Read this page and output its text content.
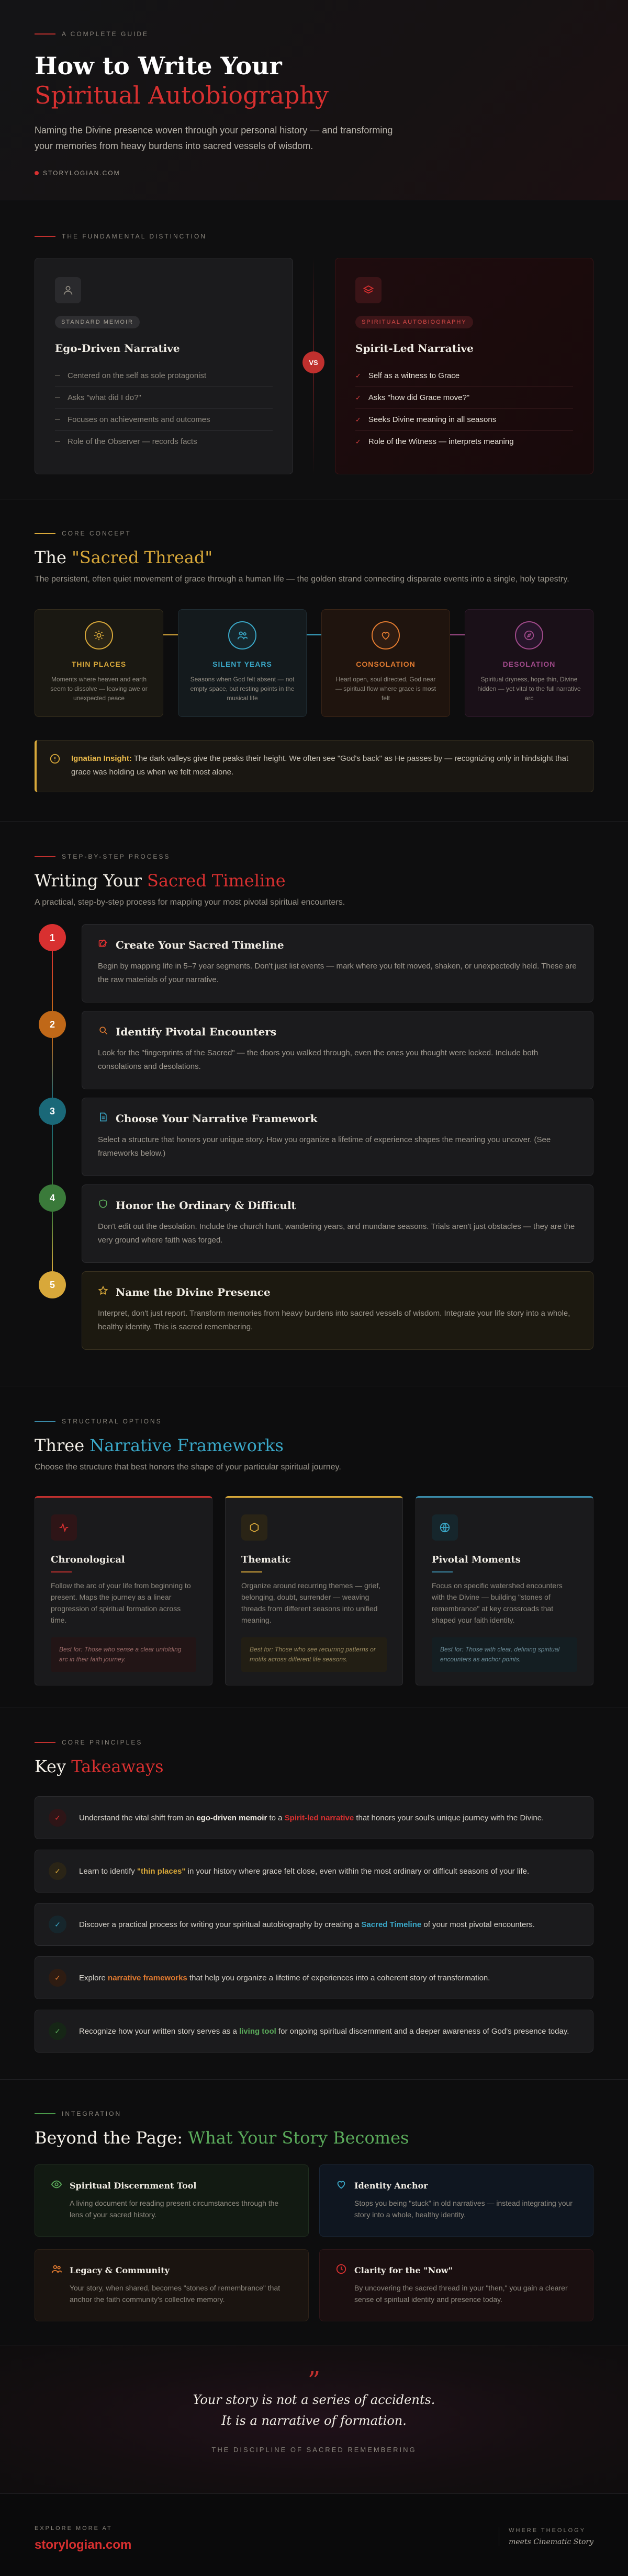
A COMPLETE GUIDE
How to Write Your
Spiritual Autobiography

Naming the Divine presence woven through your personal history — and transforming your memories from heavy burdens into sacred vessels of wisdom.

STORYLOGIAN.COM
THE FUNDAMENTAL DISTINCTION
STANDARD MEMOIR
Ego-Driven Narrative
Centered on the self as sole protagonist
Asks "what did I do?"
Focuses on achievements and outcomes
Role of the Observer — records facts
VS
SPIRITUAL AUTOBIOGRAPHY
Spirit-Led Narrative
✓ Self as a witness to Grace
✓ Asks "how did Grace move?"
✓ Seeks Divine meaning in all seasons
✓ Role of the Witness — interprets meaning
CORE CONCEPT
The "Sacred Thread"
The persistent, often quiet movement of grace through a human life — the golden strand connecting disparate events into a single, holy tapestry.
THIN PLACES
Moments where heaven and earth seem to dissolve — leaving awe or unexpected peace
SILENT YEARS
Seasons when God felt absent — not empty space, but resting points in the musical life
CONSOLATION
Heart open, soul directed, God near — spiritual flow where grace is most felt
DESOLATION
Spiritual dryness, hope thin, Divine hidden — yet vital to the full narrative arc
Ignatian Insight: The dark valleys give the peaks their height. We often see "God's back" as He passes by — recognizing only in hindsight that grace was holding us when we felt most alone.
STEP-BY-STEP PROCESS
Writing Your Sacred Timeline
A practical, step-by-step process for mapping your most pivotal spiritual encounters.
1
Create Your Sacred Timeline

Begin by mapping life in 5–7 year segments. Don't just list events — mark where you felt moved, shaken, or unexpectedly held. These are the raw materials of your narrative.

2
Identify Pivotal Encounters

Look for the "fingerprints of the Sacred" — the doors you walked through, even the ones you thought were locked. Include both consolations and desolations.

3
Choose Your Narrative Framework

Select a structure that honors your unique story. How you organize a lifetime of experience shapes the meaning you uncover. (See frameworks below.)

4
Honor the Ordinary & Difficult

Don't edit out the desolation. Include the church hunt, wandering years, and mundane seasons. Trials aren't just obstacles — they are the very ground where faith was forged.

5
Name the Divine Presence

Interpret, don't just report. Transform memories from heavy burdens into sacred vessels of wisdom. Integrate your life story into a whole, healthy identity. This is sacred remembering.

STRUCTURAL OPTIONS
Three Narrative Frameworks
Choose the structure that best honors the shape of your particular spiritual journey.
Chronological

Follow the arc of your life from beginning to present. Maps the journey as a linear progression of spiritual formation across time.

Best for: Those who sense a clear unfolding arc in their faith journey.
Thematic

Organize around recurring themes — grief, belonging, doubt, surrender — weaving threads from different seasons into unified meaning.

Best for: Those who see recurring patterns or motifs across different life seasons.
Pivotal Moments

Focus on specific watershed encounters with the Divine — building "stones of remembrance" at key crossroads that shaped your faith identity.

Best for: Those with clear, defining spiritual encounters as anchor points.
CORE PRINCIPLES
Key Takeaways
✓	Understand the vital shift from an ego-driven memoir to a Spirit-led narrative that honors your soul's unique journey with the Divine.
✓	Learn to identify "thin places" in your history where grace felt close, even within the most ordinary or difficult seasons of your life.
✓	Discover a practical process for writing your spiritual autobiography by creating a Sacred Timeline of your most pivotal encounters.
✓	Explore narrative frameworks that help you organize a lifetime of experiences into a coherent story of transformation.
✓	Recognize how your written story serves as a living tool for ongoing spiritual discernment and a deeper awareness of God's presence today.
INTEGRATION
Beyond the Page: What Your Story Becomes
Spiritual Discernment Tool

A living document for reading present circumstances through the lens of your sacred history.

Identity Anchor

Stops you being "stuck" in old narratives — instead integrating your story into a whole, healthy identity.

Legacy & Community

Your story, when shared, becomes "stones of remembrance" that anchor the faith community's collective memory.

Clarity for the "Now"

By uncovering the sacred thread in your "then," you gain a clearer sense of spiritual identity and presence today.

”
Your story is not a series of accidents.
It is a narrative of formation.
THE DISCIPLINE OF SACRED REMEMBERING
EXPLORE MORE AT
storylogian.com
WHERE THEOLOGY
meets Cinematic Story
